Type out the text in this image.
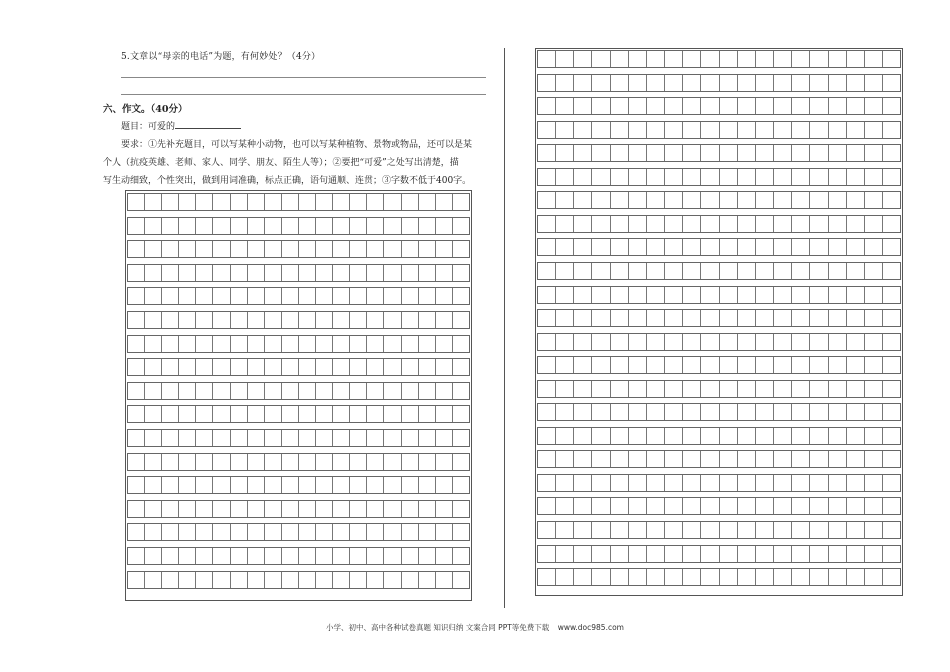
5.文章以“母亲的电话”为题，有何妙处？（4分）
六、作文。（40分）
题目：可爱的
要求：①先补充题目，可以写某种小动物，也可以写某种植物、景物或物品，还可以是某
个人（抗疫英雄、老师、家人、同学、朋友、陌生人等）；②要把“可爱”之处写出清楚，描
写生动细致，个性突出，做到用词准确，标点正确，语句通顺、连贯；③字数不低于400字。
小学、初中、高中各种试卷真题 知识归纳 文案合同 PPT等免费下载 www.doc985.com
